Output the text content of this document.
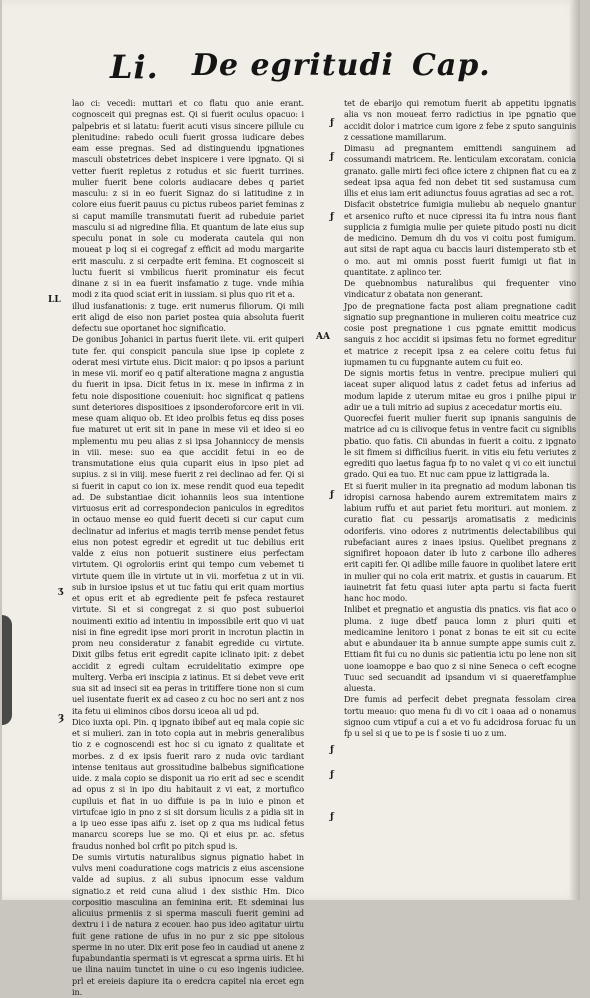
Li. De egritudi Cap.
LL
Ӡ
Ȝ
ƒ
ƒ
ƒ
AA
ƒ
ƒ
ƒ
ƒ

lao ci: vecedi: muttari et co flatu quo anie erant. cognosceit qui pregnas est. Qi si fuerit oculus opacuo: i palpebris et si latatu: fuerit acuti visus sincere pillule cu plenitudine: rabedo oculi fuerit grossa iudicare debes eam esse pregnas. Sed ad distinguendu ipgnationes masculi obstetrices debet inspicere i vere ipgnato. Qi si vetter fuerit repletus z rotudus et sic fuerit turrines. mulier fuerit bene coloris audiacare debes q pariet masculu: z si in eo fuerit Signaz do si latitudine z in colore eius fuerit pauus cu pictus rubeos pariet feminas z si caput mamille transmutati fuerit ad rubeduie pariet masculu si ad nigredine filia. Et quantum de late eius sup speculu ponat in sole cu moderata cautela qui non moueat p loq si ei cogregaf z efficit ad modu margarite erit masculu. z si cerpadte erit femina. Et cognosceit si luctu fuerit si vmbilicus fuerit prominatur eis fecut dinane z si in ea fuerit insfamatio z tuge. vnde mihia modi z ita quod sciat erit in iussiam. si plus quo rit et a.

illud iusfanationis: z tuge. erit numerus filiorum. Qi mili erit aligd de eiso non pariet postea quia absoluta fuerit defectu sue oportanet hoc significatio.

De gonibus Johanici in partus fuerit ilete. vii. erit quiperi tute fer. qui conspicit pancula siue ipse ip coplete z oderat mesi virtute eius. Dicit maior: q po ipsos a pariunt in mese vii. morif eo q patif alteratione magna z angustia du fuerit in ipsa. Dicit fetus in ix. mese in infirma z in fetu noie dispositione coueniuit: hoc significat q patiens sunt deteriores dispositioes z ipsonderoforcore erit in vii. mese quam aliquo ob. Et ideo prolbis fetus eq diss poses fue maturet ut erit sit in pane in mese vii et ideo si eo mplementu mu peu alias z si ipsa Johanniccy de mensis in viii. mese: suo ea que accidit fetui in eo de transmutatione eius quia cuparit eius in ipso piet ad supius. z si in viiij. mese fuerit z rei declinao ad fer. Qi si si fuerit in caput co ion ix. mese rendit quod eua tepedit ad. De substantiae dicit iohanniis leos sua intentione virtuosus erit ad correspondecion paniculos in egreditos in octauo mense eo quid fuerit deceti si cur caput cum declinatur ad inferius et magis terrib mense pendet fetus eius non potest egredir et egredit ut tuc debilius erit valde z eius non potuerit sustinere eius perfectam virtutem. Qi ogroloriis erint qui tempo cum vebemet ti virtute quem ille in virtute ut in vii. morfetua z ut in vii. sub in iursioe ipsius et ut tuc fatiu qui erit quam mortius et opus erit et ab egrediente peit fe psfeca restauret virtute. Si et si congregat z si quo post subuerioi nouimenti exitio ad intentiu in impossibile erit quo vi uat nisi in fine egredit ipse mori prorit in incrotun plactin in prom neu consideratur z fanabit egredide cu virtute. Dixit gilbs fetus erit egredit capite iclinato ipit: z debet accidit z egredi cultam ecruidelitatio eximpre ope multerg. Verba eri inscipia z iatinus. Et si debet veve erit sua sit ad inseci sit ea peras in tritiffere tione non si cum uel iusentate fuerit ex ad caseo z cu hoc no seri ant z nos ita fetu ui eliminos cibos dorsu iceoa ali ud pd.

Dico iuxta opi. Pin. q ipgnato ibibef aut eq mala copie sic et si mulieri. zan in toto copia aut in mebris generalibus tio z e cognoscendi est hoc si cu ignato z qualitate et morbes. z d ex ipsis fuerit raro z nuda ovic tardiant intense tenitaus aut grossitudine balbebus significatione uide. z mala copio se disponit ua rio erit ad sec e scendit ad opus z si in ipo diu habitauit z vi eat, z mortufico cupiluis et fiat in uo diffuie is pa in iuio e pinon et virtufcae igio in pno z si sit dorsum liculis z a pidia sit in a ip ueo esse ipas aifu z. iset op z qua ms iudical fetus manarcu scoreps lue se mo. Qi et eius pr. ac. sfetus fraudus nonhed bol crfit po pitch spud is.

De sumis virtutis naturalibus signus pignatio habet in vulvs meni coaduratione cogs matricis z eius ascensione valde ad supius. z ali subus ipnocum esse valdum signatio.z et reid cuna aliud i dex sisthic Hm. Dico corpositio masculina an feminina erit. Et sdeminai lus alicuius prmeniis z si sperma masculi fuerit gemini ad dextru i i de natura z ecouer. hao pus ideo agitatur uirtu fuit gene ratione de ufus in no pur z sic ppe sitolous sperme in no uter. Dix erit pose feo in caudiad ut anene z fupabundantia spermati is vt egrescat a sprma uiris. Et hi ue ilina nauim tunctet in uine o cu eso ingenis iudiciee. prl et ereieis dapiure ita o eredcra capitel nia ercet egn in.

tet de ebarijo qui remotum fuerit ab appetitu ipgnatis alia vs non moueat ferro radictius in ipe pgnatio que accidit dolor i matrice cum igore z febe z sputo sanguinis z cessatione mamillarum.

Dimasu ad pregnantem emittendi sanguinem ad cossumandi matricem. Re. lenticulam excoratam. conicia granato. galle mirti feci ofice ictere z chipnen fiat cu ea z sedeat ipsa aqua fed non debet tit sed sustamusa cum illis et eius iam erit adiunctus fouus agratias ad sec a rot.

Disfacit obstetrice fumigia muliebu ab nequelo gnantur et arsenico rufto et nuce cipressi ita fu intra nous fiant supplicia z fumigia mulie per quiete pitudo posti nu dicit de medicino. Demum dh du vos vi coitu post fumigum. aut sitsi de rapt aqua cu baccis lauri distemperato stb et o mo. aut mi omnis posst fuerit fumigi ut fiat in quantitate. z aplinco ter.

De quebnombus naturalibus qui frequenter vino vindicatur z obatata non generant.

Jpo de pregnatione facta post aliam pregnatione cadit signatio sup pregnantione in mulieren coitu meatrice cuz cosie post pregnatione i cus pgnate emittit modicus sanguis z hoc accidit si ipsimas fetu no formet egreditur et matrice z recepit ipsa z ea celere coitu fetus fui iupmamen tu cu fupgnante autem cu fuit eo.

De signis mortis fetus in ventre. precipue mulieri qui iaceat super aliquod latus z cadet fetus ad inferius ad modum lapide z uterum mitae eu gros i pnilhe pipui ir adir ue a tuli mitrio ad supius z acecedatur mortis eiu.

Quorecfei fuerit mulier fuerit sup ipnanis sanguinis de matrice ad cu is cilivoque fetus in ventre facit cu signiblis pbatio. quo fatis. Cii abundas in fuerit a coitu. z ipgnato le sit fimem si difficilius fuerit. in vitis eiu fetu veriutes z egrediti quo laetus fagua fp to no valet q vi co eit iunctui grado. Qui ea tuo. Et nuc cam ppue iz lattigrada la.

Et si fuerit mulier in ita pregnatio ad modum labonan tis idropisi carnosa habendo aurem extremitatem mairs z labium ruffu et aut pariet fetu morituri. aut moniem. z curatio fiat cu pessarijs aromatisatis z medicinis odoriferis. vino odores z nutrimentis delectabilibus qui rubefaciant aures z inaes ipsius. Quelibet pregnans z signifiret hopoaon dater ib luto z carbone illo adheres erit capiti fer. Qi adlibe mille fauore in quolibet latere erit in mulier qui no cola erit matrix. et gustis in cauarum. Et iauinetrit fat fetu quasi iuter apta partu si facta fuerit hanc hoc modo.

Inlibet et pregnatio et angustia dis pnatics. vis fiat aco o pluma. z iuge dbetf pauca lomn z pluri quiti et medicamine lenitoro i ponat z bonas te eit sit cu ecite abut e abundauer ita b annue sumpte appe sumis cuit z. Ettiam fit fui cu no dunis sic patientia ictu po lene non sit uone ioamoppe e bao quo z si nine Seneca o ceft ecogne Tuuc sed secuandit ad ipsandum vi si quaeretfamplue aluesta.

Dre fumis ad perfecit debet pregnata fessolam cirea tortu meauo: quo mena fu di vo cit i oaaa ad o nonamus signoo cum vtipuf a cui a et vo fu adcidrosa foruac fu un fp u sel si q ue to pe is f sosie ti uo z um.
